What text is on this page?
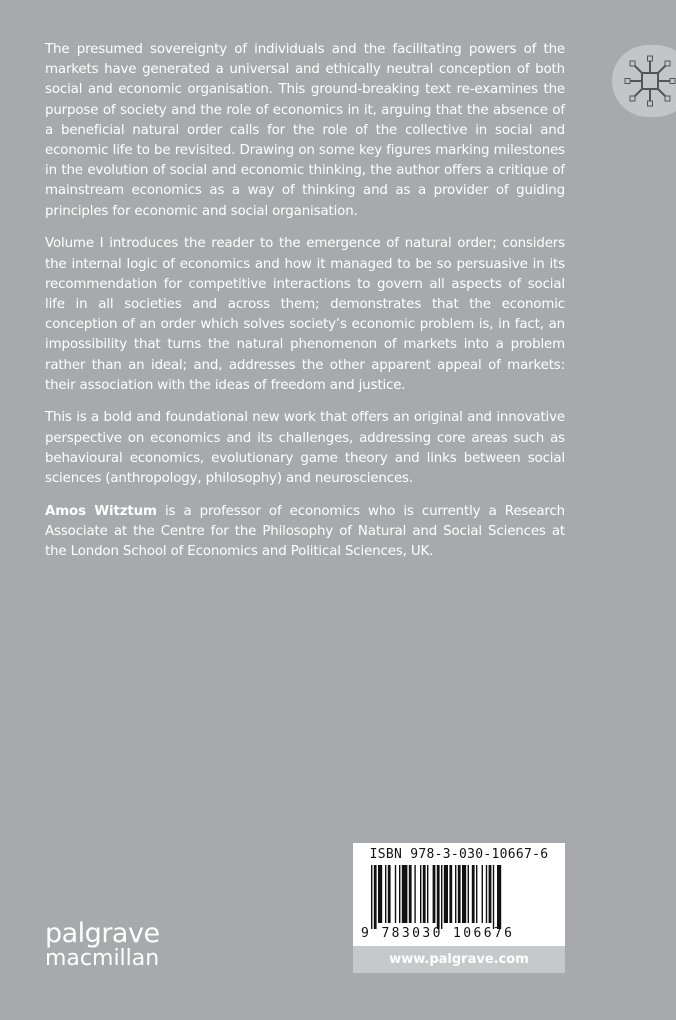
The presumed sovereignty of individuals and the facilitating powers of the markets have generated a universal and ethically neutral conception of both social and economic organisation. This ground-breaking text re-examines the purpose of society and the role of economics in it, arguing that the absence of a beneficial natural order calls for the role of the collective in social and economic life to be revisited. Drawing on some key figures marking milestones in the evolution of social and economic thinking, the author offers a critique of mainstream economics as a way of thinking and as a provider of guiding principles for economic and social organisation.

Volume I introduces the reader to the emergence of natural order; considers the internal logic of economics and how it managed to be so persuasive in its recommendation for competitive interactions to govern all aspects of social life in all societies and across them; demonstrates that the economic conception of an order which solves society’s economic problem is, in fact, an impossibility that turns the natural phenomenon of markets into a problem rather than an ideal; and, addresses the other apparent appeal of markets: their association with the ideas of freedom and justice.

This is a bold and foundational new work that offers an original and innovative perspective on economics and its challenges, addressing core areas such as behavioural economics, evolutionary game theory and links between social sciences (anthropology, philosophy) and neurosciences.

Amos Witztum is a professor of economics who is currently a Research Associate at the Centre for the Philosophy of Natural and Social Sciences at the London School of Economics and Political Sciences, UK.

ISBN 978-3-030-10667-6
9 783030 106676
www.palgrave.com
palgrave
macmillan
